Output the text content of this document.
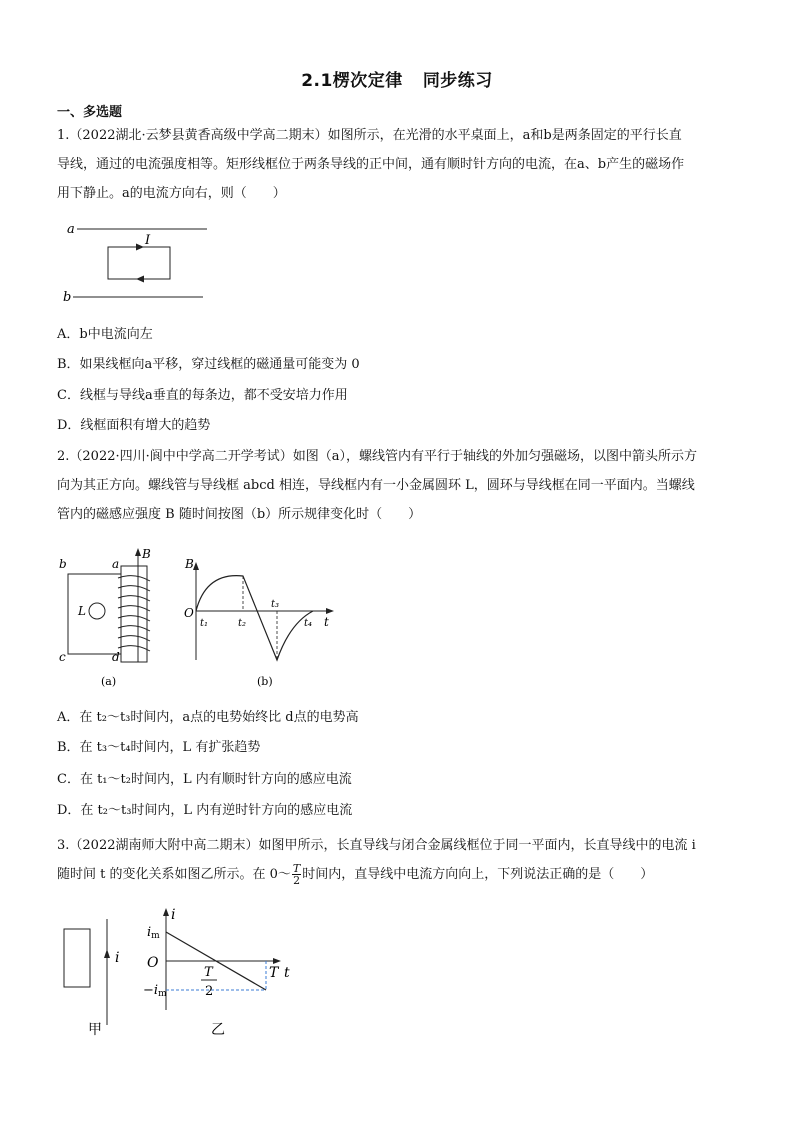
2.1楞次定律 同步练习
一、多选题
1.（2022湖北·云梦县黄香高级中学高二期末）如图所示，在光滑的水平桌面上，a和b是两条固定的平行长直
导线，通过的电流强度相等。矩形线框位于两条导线的正中间，通有顺时针方向的电流，在a、b产生的磁场作
用下静止。a的电流方向右，则（　　）
a
I
b
A．b中电流向左
B．如果线框向a平移，穿过线框的磁通量可能变为 0
C．线框与导线a垂直的每条边，都不受安培力作用
D．线框面积有增大的趋势
2.（2022·四川·阆中中学高二开学考试）如图（a），螺线管内有平行于轴线的外加匀强磁场，以图中箭头所示方
向为其正方向。螺线管与导线框 abcd 相连，导线框内有一小金属圆环 L，圆环与导线框在同一平面内。当螺线
管内的磁感应强度 B 随时间按图（b）所示规律变化时（　　）
b	a
B
L
c	d
(a)
B
O
t
t₁	t₂
t₃
t₄
(b)
A．在 t₂～t₃时间内，a点的电势始终比 d点的电势高
B．在 t₃～t₄时间内，L 有扩张趋势
C．在 t₁～t₂时间内，L 内有顺时针方向的感应电流
D．在 t₂～t₃时间内，L 内有逆时针方向的感应电流
3.（2022湖南师大附中高二期末）如图甲所示，长直导线与闭合金属线框位于同一平面内，长直导线中的电流 i
随时间 t 的变化关系如图乙所示。在 0～ $\frac{T}{2}$ 时间内，直导线中电流方向向上，下列说法正确的是（　　）
i
甲
i
t
O
im
−im
T
2
T
乙
